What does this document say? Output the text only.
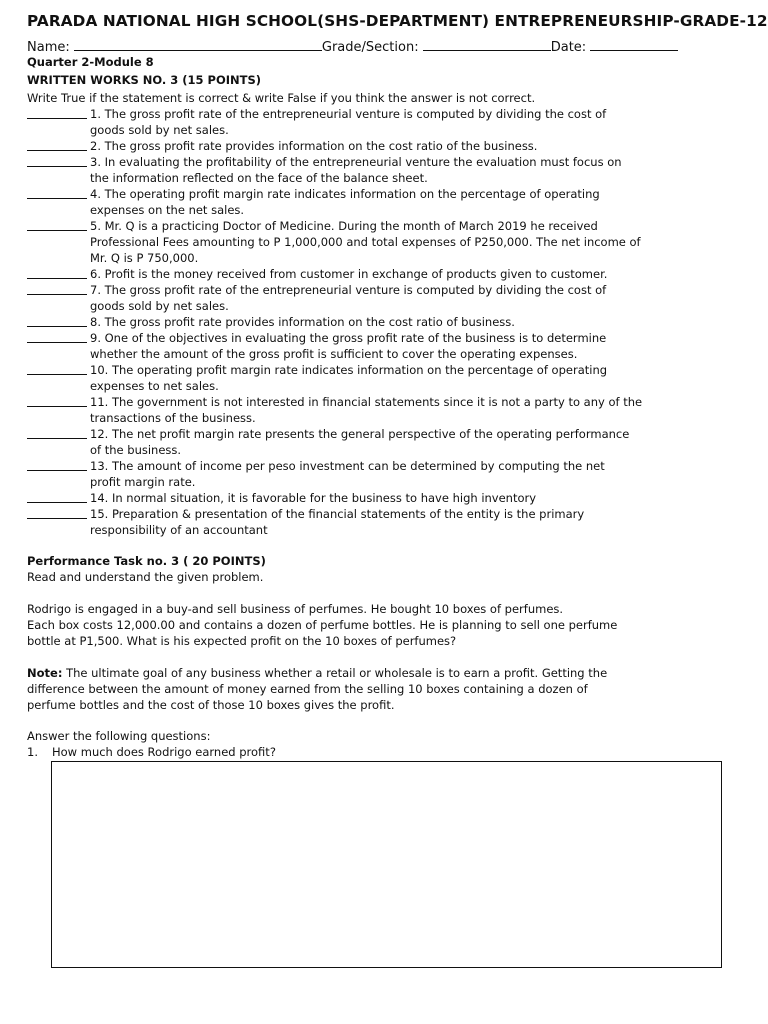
PARADA NATIONAL HIGH SCHOOL(SHS-DEPARTMENT) ENTREPRENEURSHIP-GRADE-12
Name:	Grade/Section:	Date:
Quarter 2-Module 8
WRITTEN WORKS NO. 3 (15 POINTS)
Write True if the statement is correct & write False if you think the answer is not correct.
1. The gross profit rate of the entrepreneurial venture is computed by dividing the cost of
goods sold by net sales.
2. The gross profit rate provides information on the cost ratio of the business.
3. In evaluating the profitability of the entrepreneurial venture the evaluation must focus on
the information reflected on the face of the balance sheet.
4. The operating profit margin rate indicates information on the percentage of operating
expenses on the net sales.
5. Mr. Q is a practicing Doctor of Medicine. During the month of March 2019 he received
Professional Fees amounting to P 1,000,000 and total expenses of P250,000. The net income of
Mr. Q is P 750,000.
6. Profit is the money received from customer in exchange of products given to customer.
7. The gross profit rate of the entrepreneurial venture is computed by dividing the cost of
goods sold by net sales.
8. The gross profit rate provides information on the cost ratio of business.
9. One of the objectives in evaluating the gross profit rate of the business is to determine
whether the amount of the gross profit is sufficient to cover the operating expenses.
10. The operating profit margin rate indicates information on the percentage of operating
expenses to net sales.
11. The government is not interested in financial statements since it is not a party to any of the
transactions of the business.
12. The net profit margin rate presents the general perspective of the operating performance
of the business.
13. The amount of income per peso investment can be determined by computing the net
profit margin rate.
14. In normal situation, it is favorable for the business to have high inventory
15. Preparation & presentation of the financial statements of the entity is the primary
responsibility of an accountant
Performance Task no. 3 ( 20 POINTS)
Read and understand the given problem.
Rodrigo is engaged in a buy-and sell business of perfumes. He bought 10 boxes of perfumes.
Each box costs 12,000.00 and contains a dozen of perfume bottles. He is planning to sell one perfume
bottle at P1,500. What is his expected profit on the 10 boxes of perfumes?
Note: The ultimate goal of any business whether a retail or wholesale is to earn a profit. Getting the
difference between the amount of money earned from the selling 10 boxes containing a dozen of
perfume bottles and the cost of those 10 boxes gives the profit.
Answer the following questions:
1. How much does Rodrigo earned profit?
